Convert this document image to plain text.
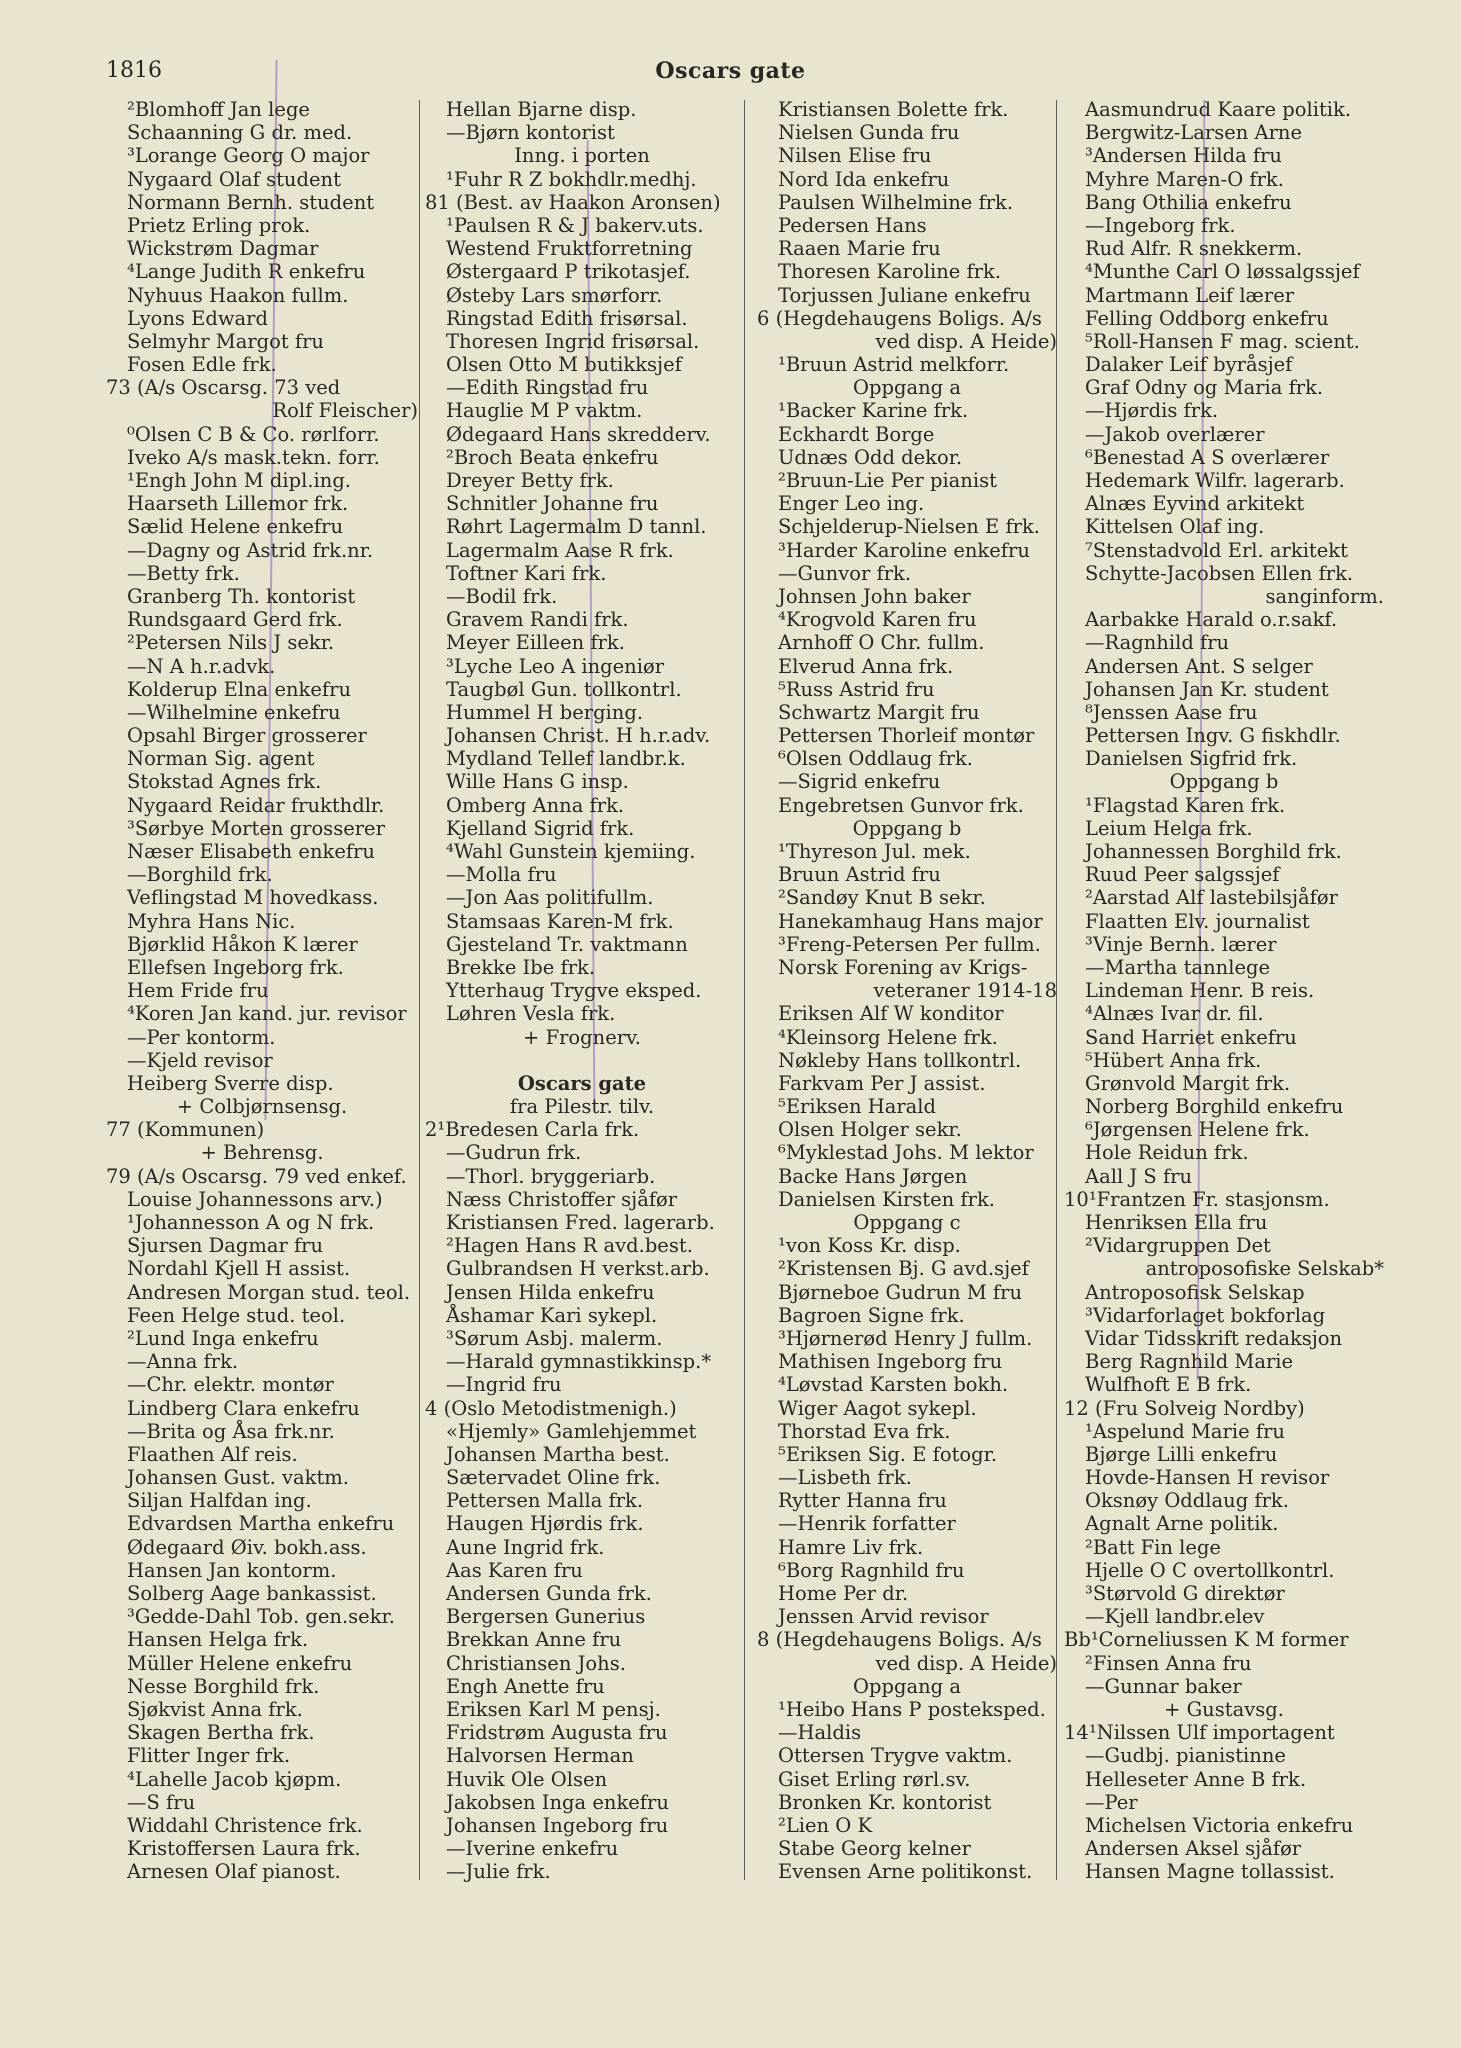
1816	Oscars gate
²Blomhoff Jan lege
Schaanning G dr. med.
³Lorange Georg O major
Nygaard Olaf student
Normann Bernh. student
Prietz Erling prok.
Wickstrøm Dagmar
⁴Lange Judith R enkefru
Nyhuus Haakon fullm.
Lyons Edward
Selmyhr Margot fru
Fosen Edle frk.
73 (A/s Oscarsg. 73 ved
Rolf Fleischer)
⁰Olsen C B & Co. rørlforr.
Iveko A/s mask.tekn. forr.
¹Engh John M dipl.ing.
Haarseth Lillemor frk.
Sælid Helene enkefru
—Dagny og Astrid frk.nr.
—Betty frk.
Granberg Th. kontorist
Rundsgaard Gerd frk.
²Petersen Nils J sekr.
—N A h.r.advk.
Kolderup Elna enkefru
—Wilhelmine enkefru
Opsahl Birger grosserer
Norman Sig. agent
Stokstad Agnes frk.
Nygaard Reidar frukthdlr.
³Sørbye Morten grosserer
Næser Elisabeth enkefru
—Borghild frk.
Veflingstad M hovedkass.
Myhra Hans Nic.
Bjørklid Håkon K lærer
Ellefsen Ingeborg frk.
Hem Fride fru
⁴Koren Jan kand. jur. revisor
—Per kontorm.
—Kjeld revisor
Heiberg Sverre disp.
+ Colbjørnsensg.
77 (Kommunen)
+ Behrensg.
79 (A/s Oscarsg. 79 ved enkef.
Louise Johannessons arv.)
¹Johannesson A og N frk.
Sjursen Dagmar fru
Nordahl Kjell H assist.
Andresen Morgan stud. teol.
Feen Helge stud. teol.
²Lund Inga enkefru
—Anna frk.
—Chr. elektr. montør
Lindberg Clara enkefru
—Brita og Åsa frk.nr.
Flaathen Alf reis.
Johansen Gust. vaktm.
Siljan Halfdan ing.
Edvardsen Martha enkefru
Ødegaard Øiv. bokh.ass.
Hansen Jan kontorm.
Solberg Aage bankassist.
³Gedde-Dahl Tob. gen.sekr.
Hansen Helga frk.
Müller Helene enkefru
Nesse Borghild frk.
Sjøkvist Anna frk.
Skagen Bertha frk.
Flitter Inger frk.
⁴Lahelle Jacob kjøpm.
—S fru
Widdahl Christence frk.
Kristoffersen Laura frk.
Arnesen Olaf pianost.
Hellan Bjarne disp.
—Bjørn kontorist
Inng. i porten
¹Fuhr R Z bokhdlr.medhj.
81 (Best. av Haakon Aronsen)
¹Paulsen R & J bakerv.uts.
Westend Fruktforretning
Østergaard P trikotasjef.
Østeby Lars smørforr.
Ringstad Edith frisørsal.
Thoresen Ingrid frisørsal.
Olsen Otto M butikksjef
—Edith Ringstad fru
Hauglie M P vaktm.
Ødegaard Hans skredderv.
²Broch Beata enkefru
Dreyer Betty frk.
Schnitler Johanne fru
Røhrt Lagermalm D tannl.
Lagermalm Aase R frk.
Toftner Kari frk.
—Bodil frk.
Gravem Randi frk.
Meyer Eilleen frk.
³Lyche Leo A ingeniør
Taugbøl Gun. tollkontrl.
Hummel H berging.
Johansen Christ. H h.r.adv.
Mydland Tellef landbr.k.
Wille Hans G insp.
Omberg Anna frk.
Kjelland Sigrid frk.
⁴Wahl Gunstein kjemiing.
—Molla fru
—Jon Aas politifullm.
Stamsaas Karen-M frk.
Gjesteland Tr. vaktmann
Brekke Ibe frk.
Ytterhaug Trygve eksped.
Løhren Vesla frk.
+ Frognerv.
Oscars gate
fra Pilestr. tilv.
2¹Bredesen Carla frk.
—Gudrun frk.
—Thorl. bryggeriarb.
Næss Christoffer sjåfør
Kristiansen Fred. lagerarb.
²Hagen Hans R avd.best.
Gulbrandsen H verkst.arb.
Jensen Hilda enkefru
Åshamar Kari sykepl.
³Sørum Asbj. malerm.
—Harald gymnastikkinsp.*
—Ingrid fru
4 (Oslo Metodistmenigh.)
«Hjemly» Gamlehjemmet
Johansen Martha best.
Sætervadet Oline frk.
Pettersen Malla frk.
Haugen Hjørdis frk.
Aune Ingrid frk.
Aas Karen fru
Andersen Gunda frk.
Bergersen Gunerius
Brekkan Anne fru
Christiansen Johs.
Engh Anette fru
Eriksen Karl M pensj.
Fridstrøm Augusta fru
Halvorsen Herman
Huvik Ole Olsen
Jakobsen Inga enkefru
Johansen Ingeborg fru
—Iverine enkefru
—Julie frk.
Kristiansen Bolette frk.
Nielsen Gunda fru
Nilsen Elise fru
Nord Ida enkefru
Paulsen Wilhelmine frk.
Pedersen Hans
Raaen Marie fru
Thoresen Karoline frk.
Torjussen Juliane enkefru
6 (Hegdehaugens Boligs. A/s
ved disp. A Heide)
¹Bruun Astrid melkforr.
Oppgang a
¹Backer Karine frk.
Eckhardt Borge
Udnæs Odd dekor.
²Bruun-Lie Per pianist
Enger Leo ing.
Schjelderup-Nielsen E frk.
³Harder Karoline enkefru
—Gunvor frk.
Johnsen John baker
⁴Krogvold Karen fru
Arnhoff O Chr. fullm.
Elverud Anna frk.
⁵Russ Astrid fru
Schwartz Margit fru
Pettersen Thorleif montør
⁶Olsen Oddlaug frk.
—Sigrid enkefru
Engebretsen Gunvor frk.
Oppgang b
¹Thyreson Jul. mek.
Bruun Astrid fru
²Sandøy Knut B sekr.
Hanekamhaug Hans major
³Freng-Petersen Per fullm.
Norsk Forening av Krigs-
veteraner 1914-18
Eriksen Alf W konditor
⁴Kleinsorg Helene frk.
Nøkleby Hans tollkontrl.
Farkvam Per J assist.
⁵Eriksen Harald
Olsen Holger sekr.
⁶Myklestad Johs. M lektor
Backe Hans Jørgen
Danielsen Kirsten frk.
Oppgang c
¹von Koss Kr. disp.
²Kristensen Bj. G avd.sjef
Bjørneboe Gudrun M fru
Bagroen Signe frk.
³Hjørnerød Henry J fullm.
Mathisen Ingeborg fru
⁴Løvstad Karsten bokh.
Wiger Aagot sykepl.
Thorstad Eva frk.
⁵Eriksen Sig. E fotogr.
—Lisbeth frk.
Rytter Hanna fru
—Henrik forfatter
Hamre Liv frk.
⁶Borg Ragnhild fru
Home Per dr.
Jenssen Arvid revisor
8 (Hegdehaugens Boligs. A/s
ved disp. A Heide)
Oppgang a
¹Heibo Hans P posteksped.
—Haldis
Ottersen Trygve vaktm.
Giset Erling rørl.sv.
Bronken Kr. kontorist
²Lien O K
Stabe Georg kelner
Evensen Arne politikonst.
Aasmundrud Kaare politik.
Bergwitz-Larsen Arne
³Andersen Hilda fru
Myhre Maren-O frk.
Bang Othilia enkefru
—Ingeborg frk.
Rud Alfr. R snekkerm.
⁴Munthe Carl O løssalgssjef
Martmann Leif lærer
Felling Oddborg enkefru
⁵Roll-Hansen F mag. scient.
Dalaker Leif byråsjef
Graf Odny og Maria frk.
—Hjørdis frk.
—Jakob overlærer
⁶Benestad A S overlærer
Hedemark Wilfr. lagerarb.
Alnæs Eyvind arkitekt
Kittelsen Olaf ing.
⁷Stenstadvold Erl. arkitekt
Schytte-Jacobsen Ellen frk.
sanginform.
Aarbakke Harald o.r.sakf.
—Ragnhild fru
Andersen Ant. S selger
Johansen Jan Kr. student
⁸Jenssen Aase fru
Pettersen Ingv. G fiskhdlr.
Danielsen Sigfrid frk.
Oppgang b
¹Flagstad Karen frk.
Leium Helga frk.
Johannessen Borghild frk.
Ruud Peer salgssjef
²Aarstad Alf lastebilsjåfør
Flaatten Elv. journalist
³Vinje Bernh. lærer
—Martha tannlege
Lindeman Henr. B reis.
⁴Alnæs Ivar dr. fil.
Sand Harriet enkefru
⁵Hübert Anna frk.
Grønvold Margit frk.
Norberg Borghild enkefru
⁶Jørgensen Helene frk.
Hole Reidun frk.
Aall J S fru
10¹Frantzen Fr. stasjonsm.
Henriksen Ella fru
²Vidargruppen Det
antroposofiske Selskab*
Antroposofisk Selskap
³Vidarforlaget bokforlag
Vidar Tidsskrift redaksjon
Berg Ragnhild Marie
Wulfhoft E B frk.
12 (Fru Solveig Nordby)
¹Aspelund Marie fru
Bjørge Lilli enkefru
Hovde-Hansen H revisor
Oksnøy Oddlaug frk.
Agnalt Arne politik.
²Batt Fin lege
Hjelle O C overtollkontrl.
³Størvold G direktør
—Kjell landbr.elev
Bb¹Corneliussen K M former
²Finsen Anna fru
—Gunnar baker
+ Gustavsg.
14¹Nilssen Ulf importagent
—Gudbj. pianistinne
Helleseter Anne B frk.
—Per
Michelsen Victoria enkefru
Andersen Aksel sjåfør
Hansen Magne tollassist.
